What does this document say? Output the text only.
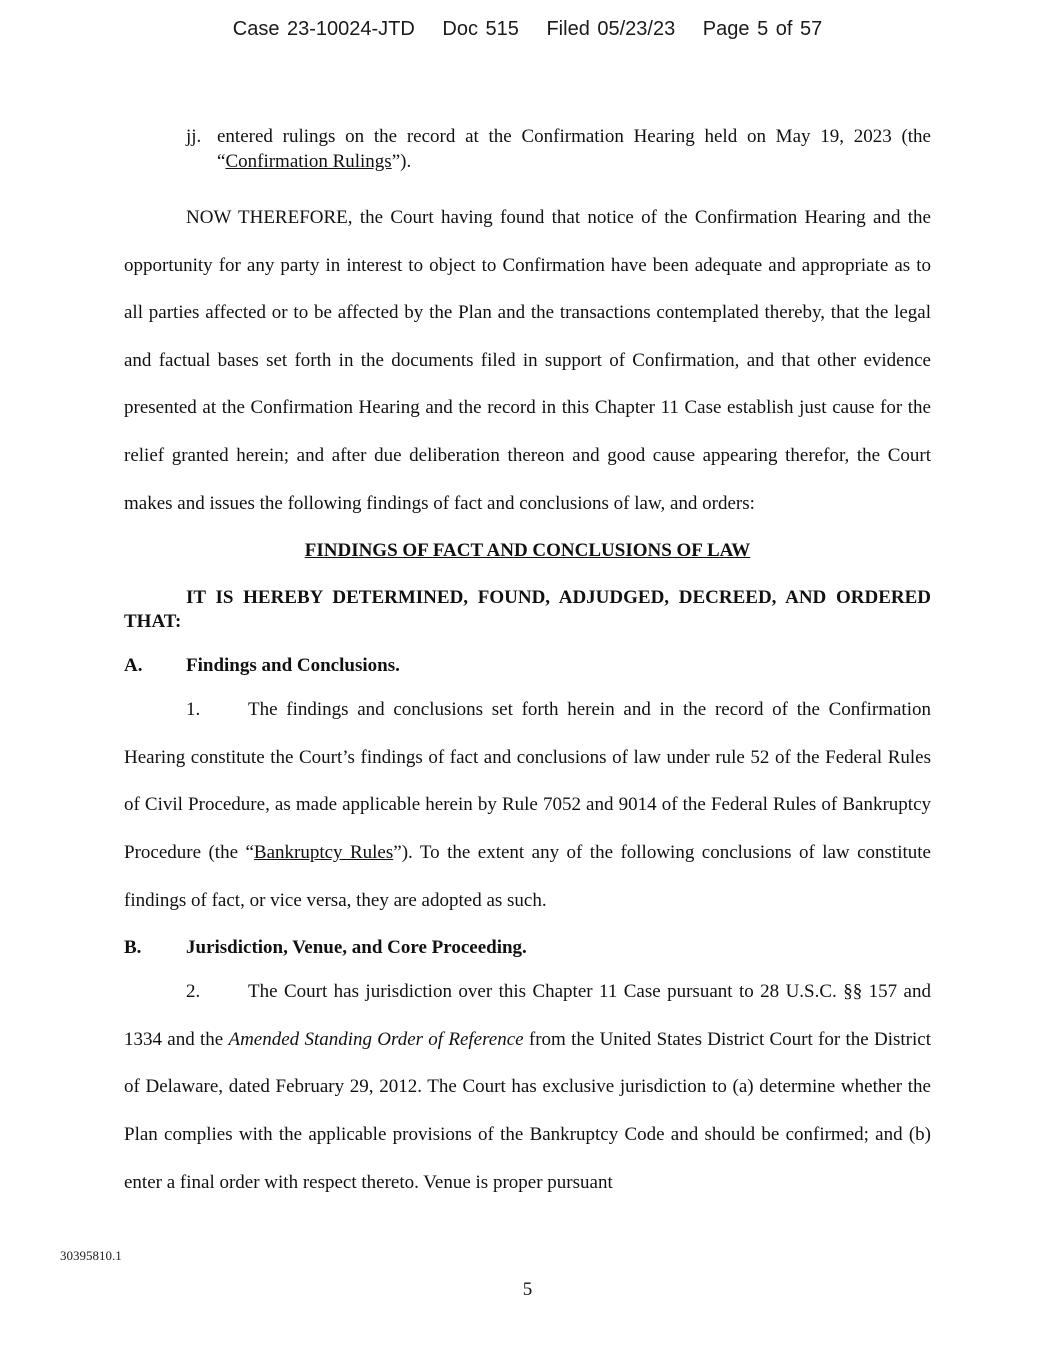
Case 23-10024-JTD Doc 515 Filed 05/23/23 Page 5 of 57
jj. entered rulings on the record at the Confirmation Hearing held on May 19, 2023 (the “Confirmation Rulings”).
NOW THEREFORE, the Court having found that notice of the Confirmation Hearing and the opportunity for any party in interest to object to Confirmation have been adequate and appropriate as to all parties affected or to be affected by the Plan and the transactions contemplated thereby, that the legal and factual bases set forth in the documents filed in support of Confirmation, and that other evidence presented at the Confirmation Hearing and the record in this Chapter 11 Case establish just cause for the relief granted herein; and after due deliberation thereon and good cause appearing therefor, the Court makes and issues the following findings of fact and conclusions of law, and orders:
FINDINGS OF FACT AND CONCLUSIONS OF LAW
IT IS HEREBY DETERMINED, FOUND, ADJUDGED, DECREED, AND ORDERED THAT:
A. Findings and Conclusions.
1.	The findings and conclusions set forth herein and in the record of the Confirmation Hearing constitute the Court’s findings of fact and conclusions of law under rule 52 of the Federal Rules of Civil Procedure, as made applicable herein by Rule 7052 and 9014 of the Federal Rules of Bankruptcy Procedure (the “Bankruptcy Rules”). To the extent any of the following conclusions of law constitute findings of fact, or vice versa, they are adopted as such.
B. Jurisdiction, Venue, and Core Proceeding.
2.	The Court has jurisdiction over this Chapter 11 Case pursuant to 28 U.S.C. §§ 157 and 1334 and the Amended Standing Order of Reference from the United States District Court for the District of Delaware, dated February 29, 2012. The Court has exclusive jurisdiction to (a) determine whether the Plan complies with the applicable provisions of the Bankruptcy Code and should be confirmed; and (b) enter a final order with respect thereto. Venue is proper pursuant
30395810.1
5
